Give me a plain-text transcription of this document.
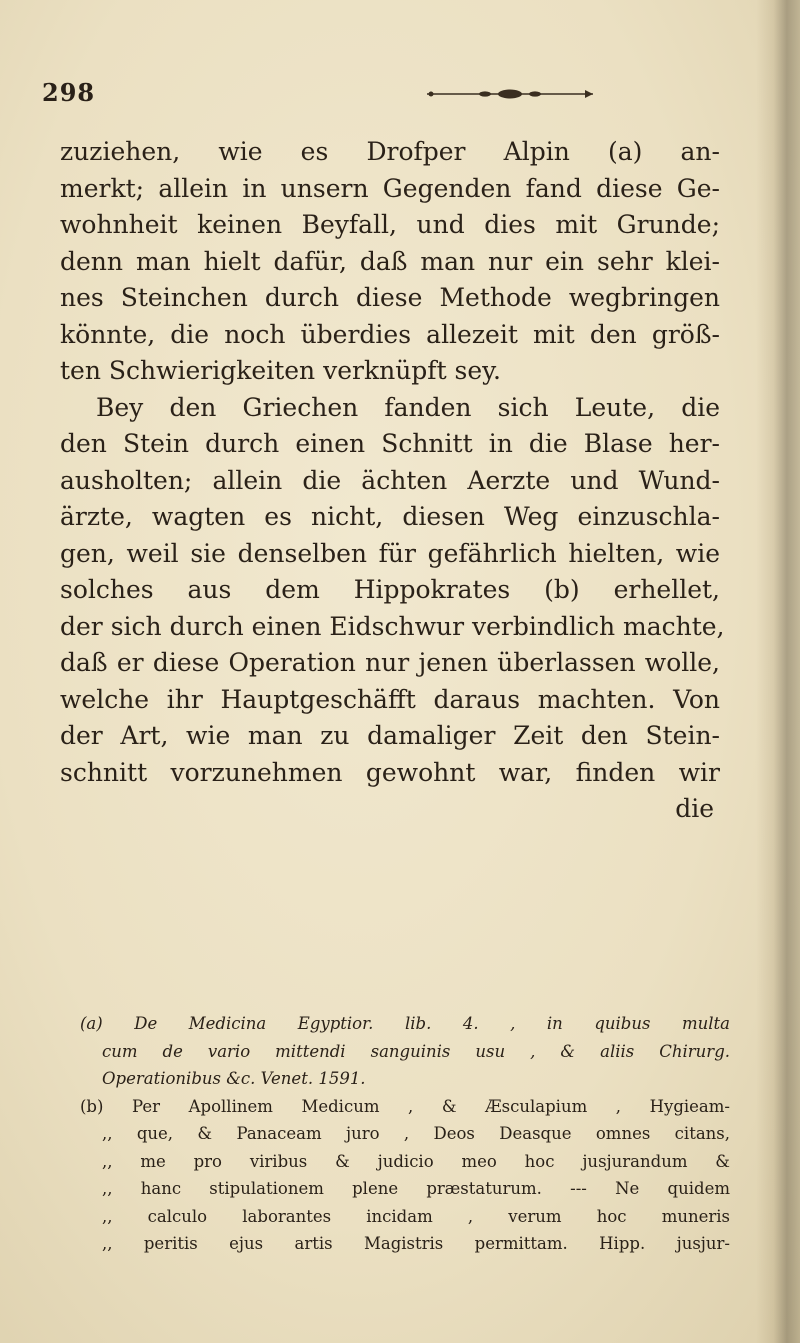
298
zuziehen, wie es Drofper Alpin (a) an-
merkt; allein in unsern Gegenden fand diese Ge-
wohnheit keinen Beyfall, und dies mit Grunde;
denn man hielt dafür, daß man nur ein sehr klei-
nes Steinchen durch diese Methode wegbringen
könnte, die noch überdies allezeit mit den größ-
ten Schwierigkeiten verknüpft sey.
Bey den Griechen fanden sich Leute, die
den Stein durch einen Schnitt in die Blase her-
ausholten; allein die ächten Aerzte und Wund-
ärzte, wagten es nicht, diesen Weg einzuschla-
gen, weil sie denselben für gefährlich hielten, wie
solches aus dem Hippokrates (b) erhellet,
der sich durch einen Eidschwur verbindlich machte,
daß er diese Operation nur jenen überlassen wolle,
welche ihr Hauptgeschäfft daraus machten. Von
der Art, wie man zu damaliger Zeit den Stein-
schnitt vorzunehmen gewohnt war, finden wir
die
(a) De Medicina Egyptior. lib. 4. , in quibus multa
cum de vario mittendi sanguinis usu , & aliis Chirurg.
Operationibus &c. Venet. 1591.
(b) Per Apollinem Medicum , & Æsculapium , Hygieam-
,, que, & Panaceam juro , Deos Deasque omnes citans,
,, me pro viribus & judicio meo hoc jusjurandum &
,, hanc stipulationem plene præstaturum. --- Ne quidem
,, calculo laborantes incidam , verum hoc muneris
,, peritis ejus artis Magistris permittam. Hipp. jusjur-
